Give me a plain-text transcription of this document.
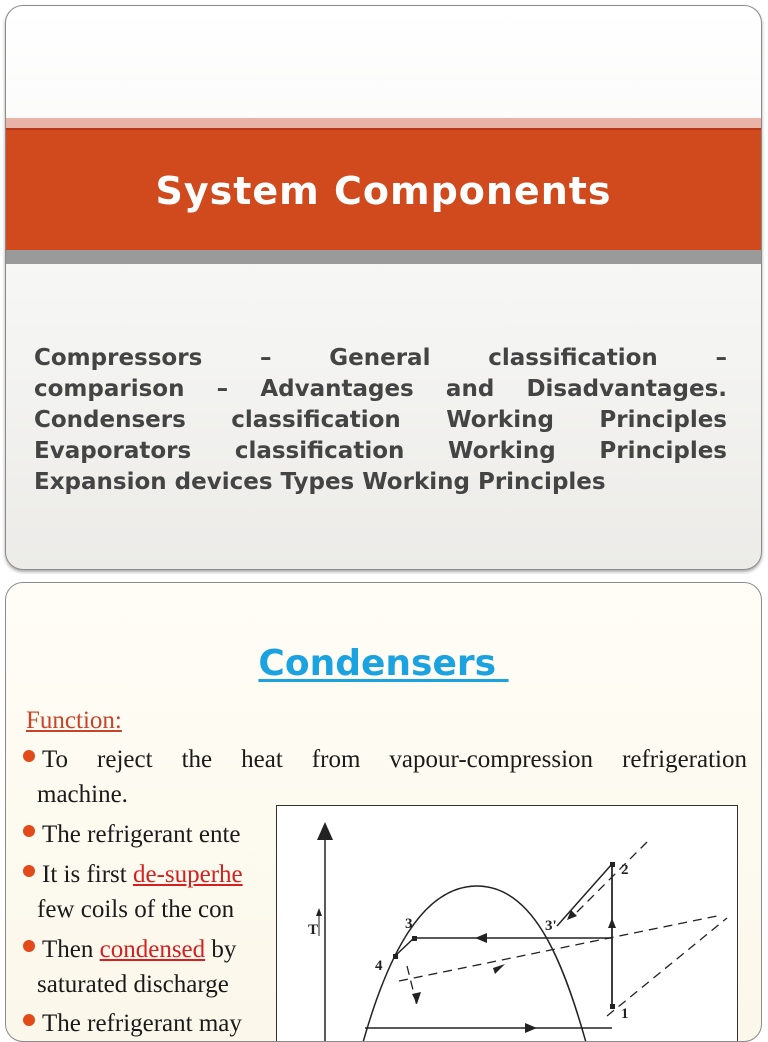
System Components
Compressors – General classification –
comparison – Advantages and Disadvantages.
Condensers classification Working Principles
Evaporators classification Working Principles
Expansion devices Types Working Principles
Condensers
Function:
To reject the heat from vapour-compression refrigeration
machine.
The refrigerant ente
It is first de-superhe
few coils of the con
Then condensed by
saturated discharge
The refrigerant may
T
2
3	3'
4
1
